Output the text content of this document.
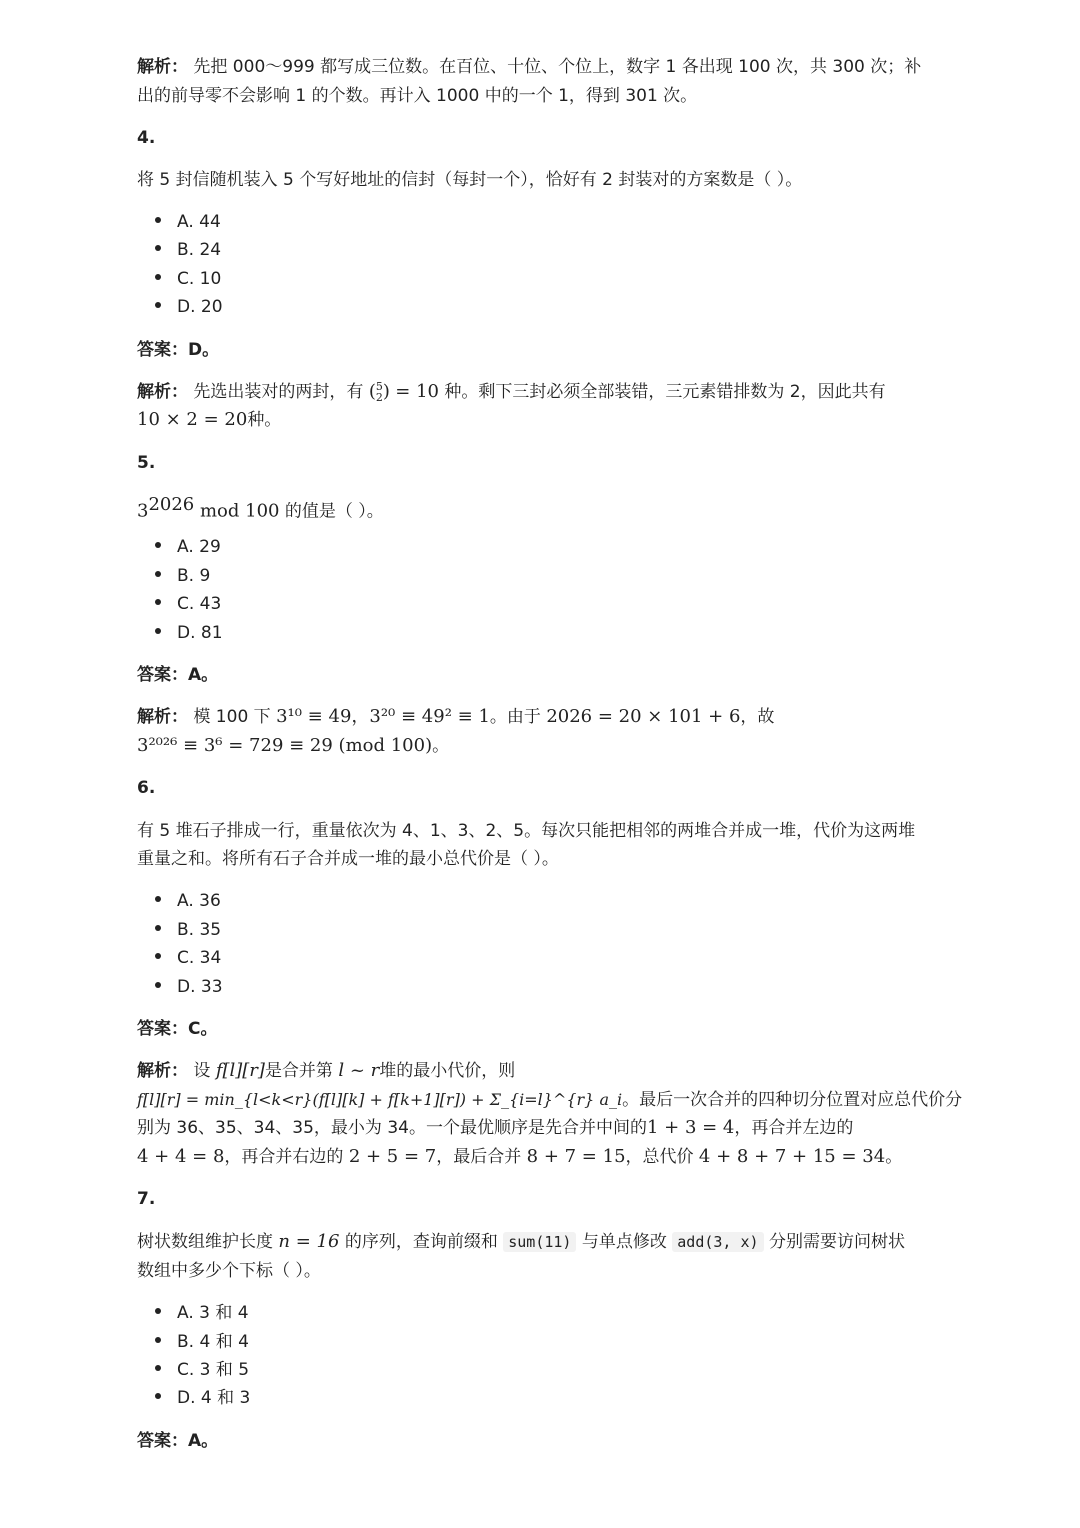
解析： 先把 000～999 都写成三位数。在百位、十位、个位上，数字 1 各出现 100 次，共 300 次；补
出的前导零不会影响 1 的个数。再计入 1000 中的一个 1，得到 301 次。
4.
将 5 封信随机装入 5 个写好地址的信封（每封一个），恰好有 2 封装对的方案数是（ ）。
A. 44
B. 24
C. 10
D. 20
答案：D。
解析： 先选出装对的两封，有 ( 5
2 ) = 10 种。剩下三封必须全部装错，三元素错排数为 2，因此共有
10 × 2 = 20种。
5.
$3^{2026}$ mod 100 的值是（ ）。
A. 29
B. 9
C. 43
D. 81
答案：A。
解析： 模 100 下 3¹⁰ ≡ 49，3²⁰ ≡ 49² ≡ 1。由于 2026 = 20 × 101 + 6，故
3²⁰²⁶ ≡ 3⁶ = 729 ≡ 29 (mod 100)。
6.
有 5 堆石子排成一行，重量依次为 4、1、3、2、5。每次只能把相邻的两堆合并成一堆，代价为这两堆
重量之和。将所有石子合并成一堆的最小总代价是（ ）。
A. 36
B. 35
C. 34
D. 33
答案：C。
解析： 设 f[l][r]是合并第 l ~ r堆的最小代价，则
f[l][r] = min_{l<k<r}(f[l][k] + f[k+1][r]) + Σ_{i=l}^{r} a_i。最后一次合并的四种切分位置对应总代价分
别为 36、35、34、35，最小为 34。一个最优顺序是先合并中间的1 + 3 = 4，再合并左边的
4 + 4 = 8，再合并右边的 2 + 5 = 7，最后合并 8 + 7 = 15，总代价 4 + 8 + 7 + 15 = 34。
7.
树状数组维护长度 n = 16 的序列，查询前缀和 sum(11) 与单点修改 add(3, x) 分别需要访问树状
数组中多少个下标（ ）。
A. 3 和 4
B. 4 和 4
C. 3 和 5
D. 4 和 3
答案：A。
